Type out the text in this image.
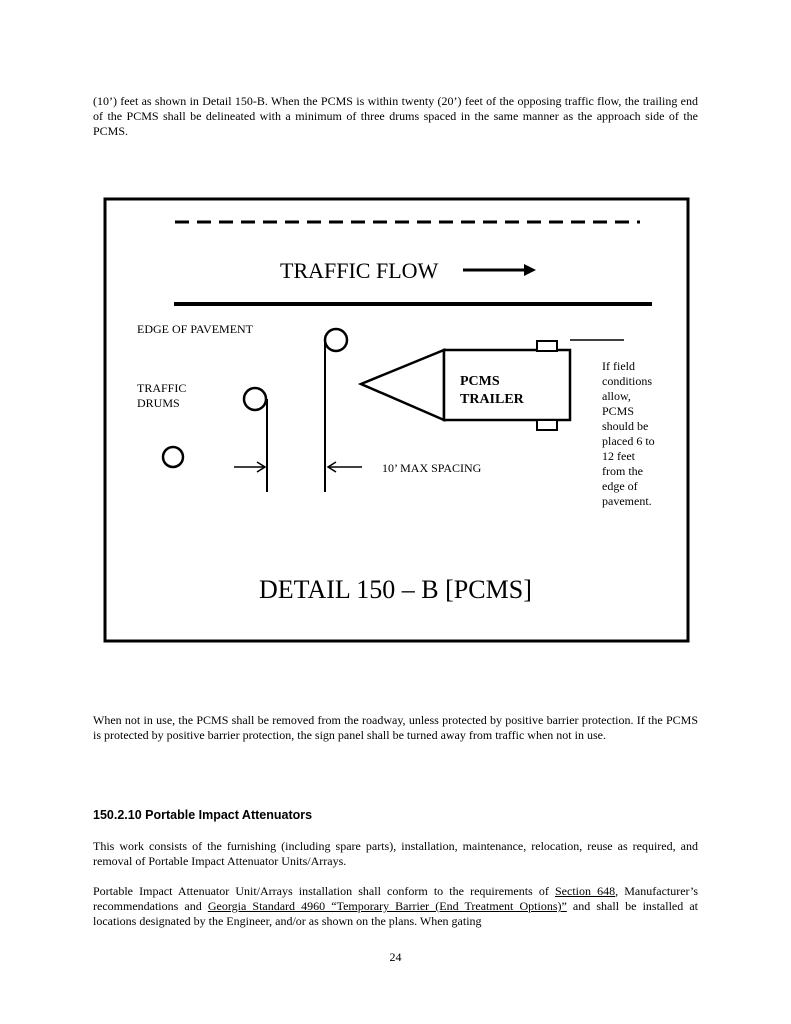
(10’) feet as shown in Detail 150-B. When the PCMS is within twenty (20’) feet of the opposing traffic flow, the trailing end of the PCMS shall be delineated with a minimum of three drums spaced in the same manner as the approach side of the PCMS.

TRAFFIC FLOW
EDGE OF PAVEMENT
TRAFFIC
DRUMS
10’ MAX SPACING
PCMS
TRAILER
If field
conditions
allow,
PCMS
should be
placed 6 to
12 feet
from the
edge of
pavement.
DETAIL 150 – B [PCMS]

When not in use, the PCMS shall be removed from the roadway, unless protected by positive barrier protection. If the PCMS is protected by positive barrier protection, the sign panel shall be turned away from traffic when not in use.

150.2.10 Portable Impact Attenuators

This work consists of the furnishing (including spare parts), installation, maintenance, relocation, reuse as required, and removal of Portable Impact Attenuator Units/Arrays.

Portable Impact Attenuator Unit/Arrays installation shall conform to the requirements of Section 648, Manufacturer’s recommendations and Georgia Standard 4960 “Temporary Barrier (End Treatment Options)” and shall be installed at locations designated by the Engineer, and/or as shown on the plans. When gating

24
